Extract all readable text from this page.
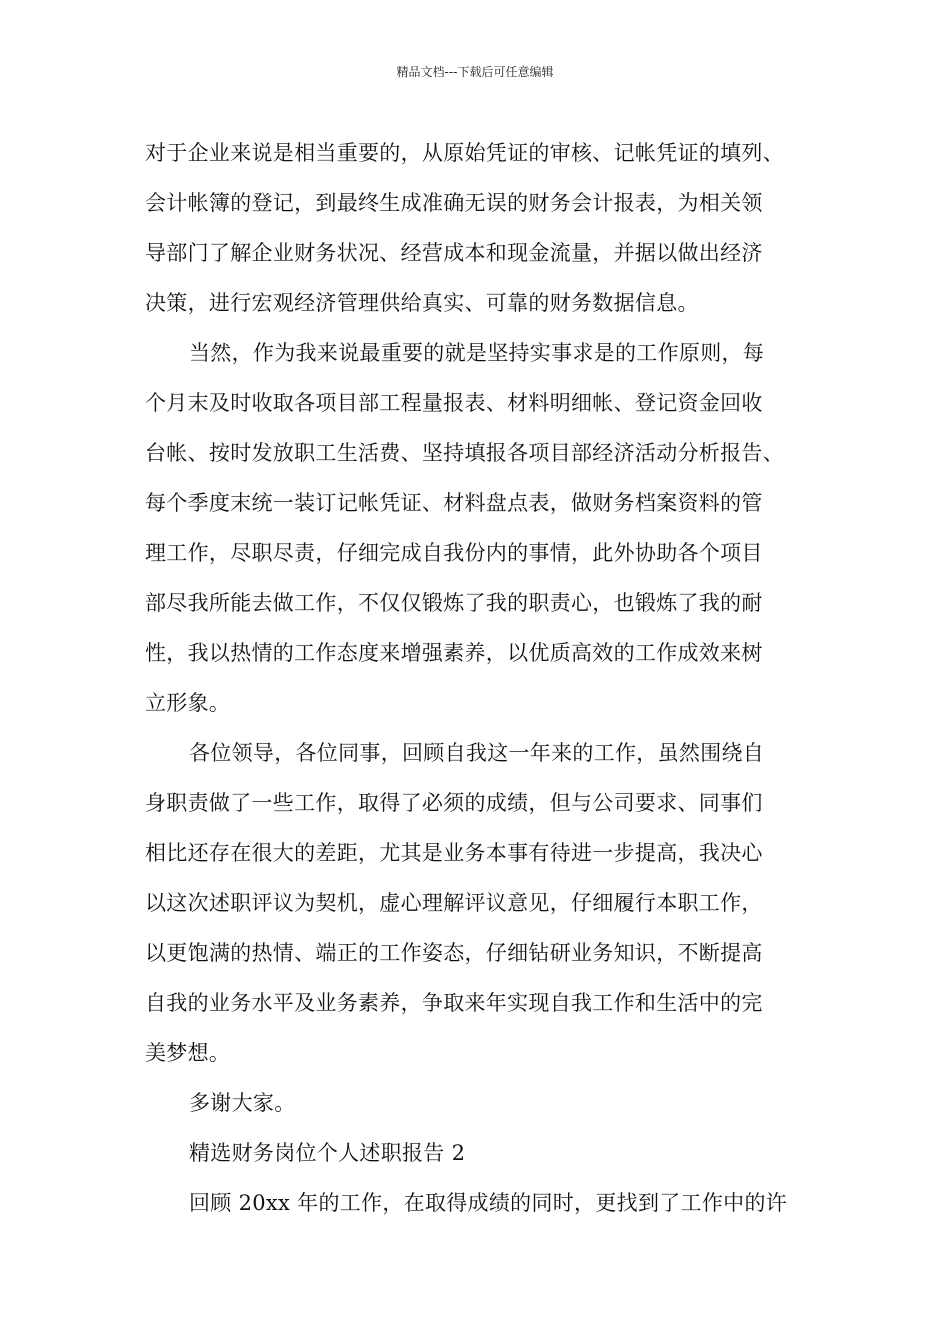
精品文档---下载后可任意编辑
对于企业来说是相当重要的，从原始凭证的审核、记帐凭证的填列、
会计帐簿的登记，到最终生成准确无误的财务会计报表，为相关领
导部门了解企业财务状况、经营成本和现金流量，并据以做出经济
决策，进行宏观经济管理供给真实、可靠的财务数据信息。
当然，作为我来说最重要的就是坚持实事求是的工作原则，每
个月末及时收取各项目部工程量报表、材料明细帐、登记资金回收
台帐、按时发放职工生活费、坚持填报各项目部经济活动分析报告、
每个季度末统一装订记帐凭证、材料盘点表，做财务档案资料的管
理工作，尽职尽责，仔细完成自我份内的事情，此外协助各个项目
部尽我所能去做工作，不仅仅锻炼了我的职责心，也锻炼了我的耐
性，我以热情的工作态度来增强素养，以优质高效的工作成效来树
立形象。
各位领导，各位同事，回顾自我这一年来的工作，虽然围绕自
身职责做了一些工作，取得了必须的成绩，但与公司要求、同事们
相比还存在很大的差距，尤其是业务本事有待进一步提高，我决心
以这次述职评议为契机，虚心理解评议意见，仔细履行本职工作，
以更饱满的热情、端正的工作姿态，仔细钻研业务知识，不断提高
自我的业务水平及业务素养，争取来年实现自我工作和生活中的完
美梦想。
多谢大家。
精选财务岗位个人述职报告 2
回顾 20xx 年的工作，在取得成绩的同时，更找到了工作中的许
